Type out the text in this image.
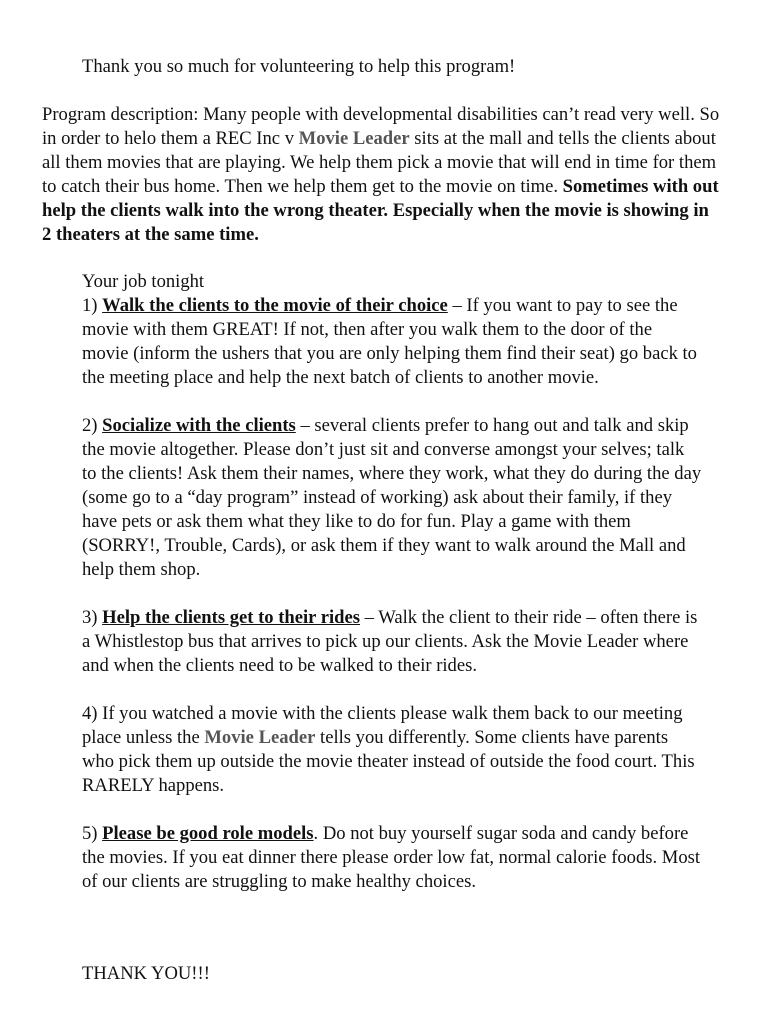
Thank you so much for volunteering to help this program!

Program description: Many people with developmental disabilities can’t read very well. So in order to helo them a REC Inc v Movie Leader sits at the mall and tells the clients about all them movies that are playing. We help them pick a movie that will end in time for them to catch their bus home. Then we help them get to the movie on time. Sometimes with out help the clients walk into the wrong theater. Especially when the movie is showing in 2 theaters at the same time.

Your job tonight

1) Walk the clients to the movie of their choice – If you want to pay to see the movie with them GREAT! If not, then after you walk them to the door of the movie (inform the ushers that you are only helping them find their seat) go back to the meeting place and help the next batch of clients to another movie.

2) Socialize with the clients – several clients prefer to hang out and talk and skip the movie altogether. Please don’t just sit and converse amongst your selves; talk to the clients! Ask them their names, where they work, what they do during the day (some go to a “day program” instead of working) ask about their family, if they have pets or ask them what they like to do for fun. Play a game with them (SORRY!, Trouble, Cards), or ask them if they want to walk around the Mall and help them shop.

3) Help the clients get to their rides – Walk the client to their ride – often there is a Whistlestop bus that arrives to pick up our clients. Ask the Movie Leader where and when the clients need to be walked to their rides.

4) If you watched a movie with the clients please walk them back to our meeting place unless the Movie Leader tells you differently. Some clients have parents who pick them up outside the movie theater instead of outside the food court. This RARELY happens.

5) Please be good role models. Do not buy yourself sugar soda and candy before the movies. If you eat dinner there please order low fat, normal calorie foods. Most of our clients are struggling to make healthy choices.

THANK YOU!!!
